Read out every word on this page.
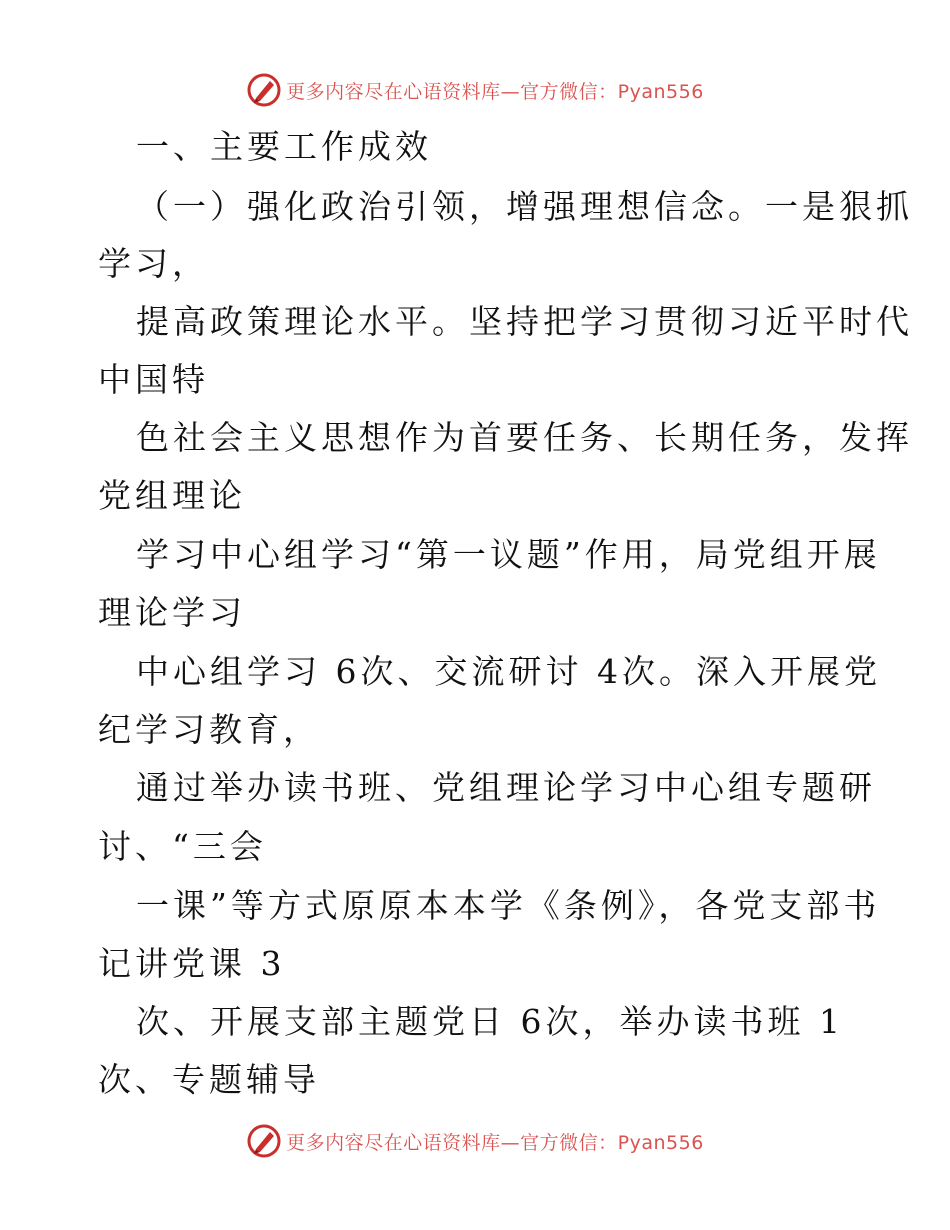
更多内容尽在心语资料库—官方微信：Pyan556
一、主要工作成效
（一）强化政治引领，增强理想信念。一是狠抓
学习，
提高政策理论水平。坚持把学习贯彻习近平时代
中国特
色社会主义思想作为首要任务、长期任务，发挥
党组理论
学习中心组学习“第一议题”作用，局党组开展
理论学习
中心组学习 6次、交流研讨 4次。深入开展党
纪学习教育，
通过举办读书班、党组理论学习中心组专题研
讨、“三会
一课”等方式原原本本学《条例》，各党支部书
记讲党课 3
次、开展支部主题党日 6次，举办读书班 1
次、专题辅导
更多内容尽在心语资料库—官方微信：Pyan556
